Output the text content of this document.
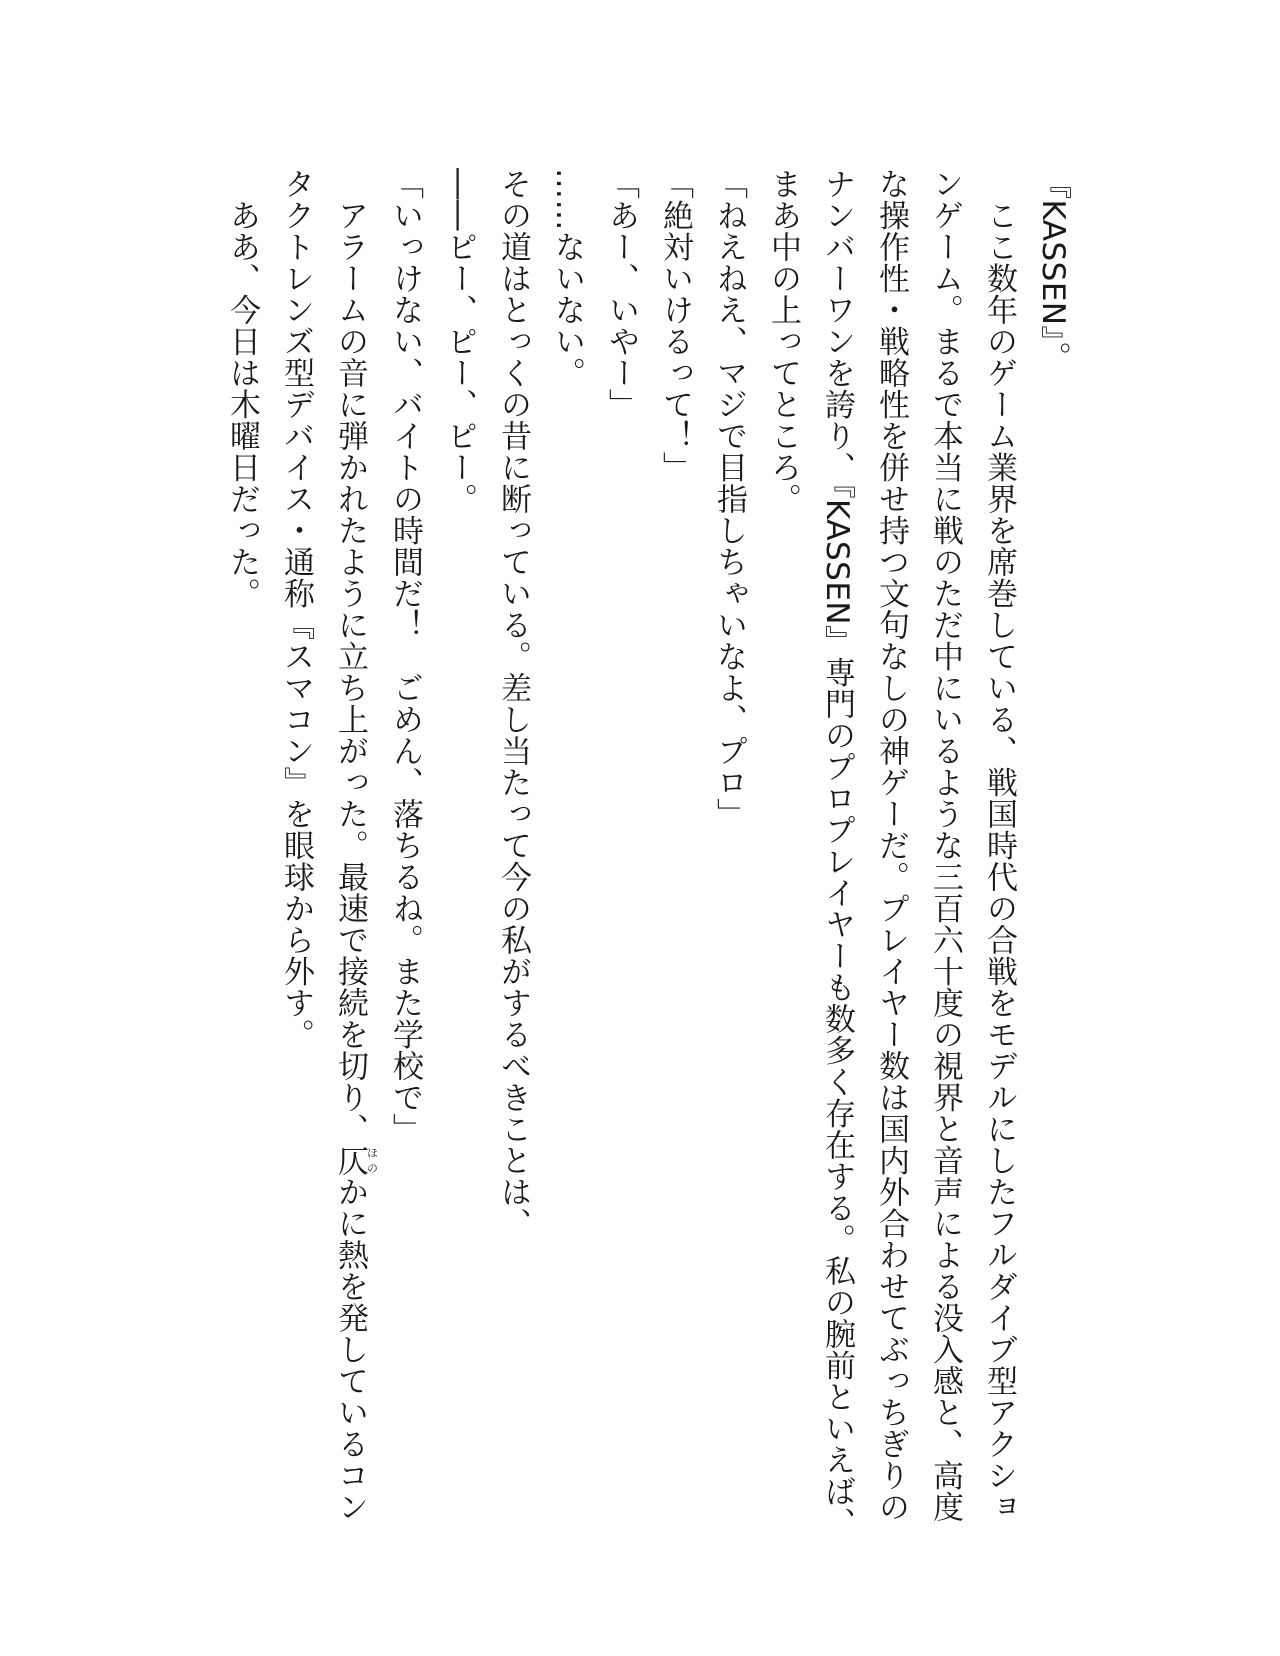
『KASSEN』。

　ここ数年のゲーム業界を席巻している、戦国時代の合戦をモデルにしたフルダイブ型アクションゲーム。まるで本当に戦のただ中にいるような三百六十度の視界と音声による没入感と、高度な操作性・戦略性を併せ持つ文句なしの神ゲーだ。プレイヤー数は国内外合わせてぶっちぎりのナンバーワンを誇り、『KASSEN』専門のプロプレイヤーも数多く存在する。私の腕前といえば、まあ中の上ってところ。

「ねえねえ、マジで目指しちゃいなよ、プロ」

「絶対いけるって！」

「あー、いやー」

……ないない。

その道はとっくの昔に断っている。差し当たって今の私がするべきことは、

――ピー、ピー、ピー。

「いっけない、バイトの時間だ！　ごめん、落ちるね。また学校で」

　アラームの音に弾かれたように立ち上がった。最速で接続を切り、仄ほのかに熱を発しているコンタクトレンズ型デバイス・通称『スマコン』を眼球から外す。

　ああ、今日は木曜日だった。
